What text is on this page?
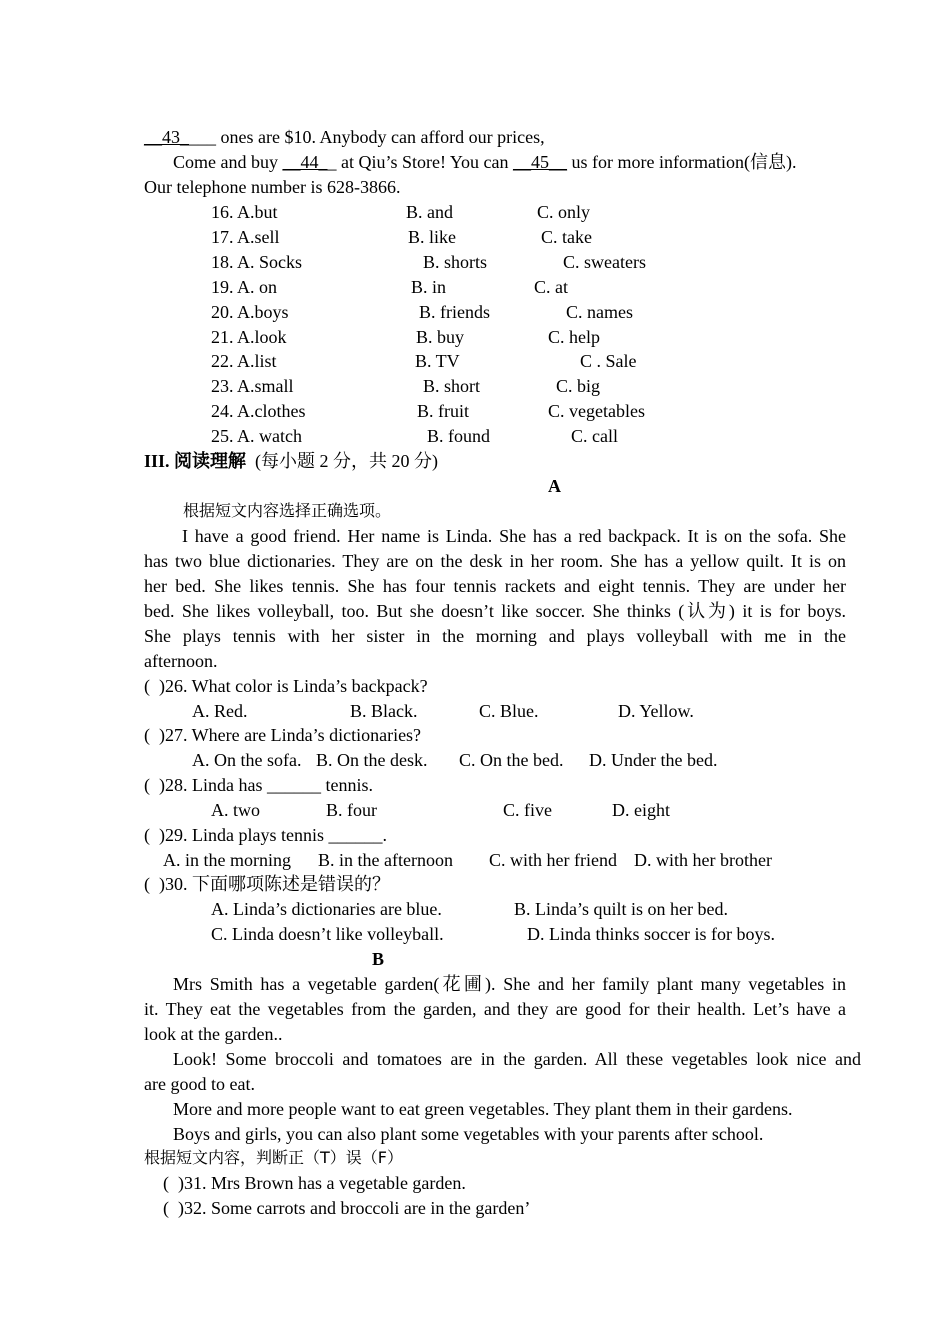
__43____ ones are $10. Anybody can afford our prices,
Come and buy __44__ at Qiu’s Store! You can __45__ us for more information(信息).
Our telephone number is 628-3866.
16. A.but	B. and	C. only
17. A.sell	B. like	C. take
18. A. Socks	B. shorts	C. sweaters
19. A. on	B. in	C. at
20. A.boys	B. friends	C. names
21. A.look	B. buy	C. help
22. A.list	B. TV	C . Sale
23. A.small	B. short	C. big
24. A.clothes	B. fruit	C. vegetables
25. A. watch	B. found	C. call
III. 阅读理解 (每小题 2 分，共 20 分)
A
根据短文内容选择正确选项。
I have a good friend. Her name is Linda. She has a red backpack. It is on the sofa. She
has two blue dictionaries. They are on the desk in her room. She has a yellow quilt. It is on
her bed. She likes tennis. She has four tennis rackets and eight tennis. They are under her
bed. She likes volleyball, too. But she doesn’t like soccer. She thinks (认为) it is for boys.
She plays tennis with her sister in the morning and plays volleyball with me in the
afternoon.
(  )26. What color is Linda’s backpack?
A. Red.	B. Black.	C. Blue.	D. Yellow.
(  )27. Where are Linda’s dictionaries?
A. On the sofa. B. On the desk. C. On the bed. D. Under the bed.
(  )28. Linda has ______ tennis.
A. two	B. four	C. five	D. eight
(  )29. Linda plays tennis ______.
A. in the morning B. in the afternoon C. with her friend D. with her brother
(  )30. 下面哪项陈述是错误的？
A. Linda’s dictionaries are blue.	B. Linda’s quilt is on her bed.
C. Linda doesn’t like volleyball.	D. Linda thinks soccer is for boys.
B
Mrs Smith has a vegetable garden(花圃). She and her family plant many vegetables in
it. They eat the vegetables from the garden, and they are good for their health. Let’s have a
look at the garden..
Look! Some broccoli and tomatoes are in the garden. All these vegetables look nice and
are good to eat.
More and more people want to eat green vegetables. They plant them in their gardens.
Boys and girls, you can also plant some vegetables with your parents after school.
根据短文内容，判断正（T）误（F）
(  )31. Mrs Brown has a vegetable garden.
(  )32. Some carrots and broccoli are in the garden’
